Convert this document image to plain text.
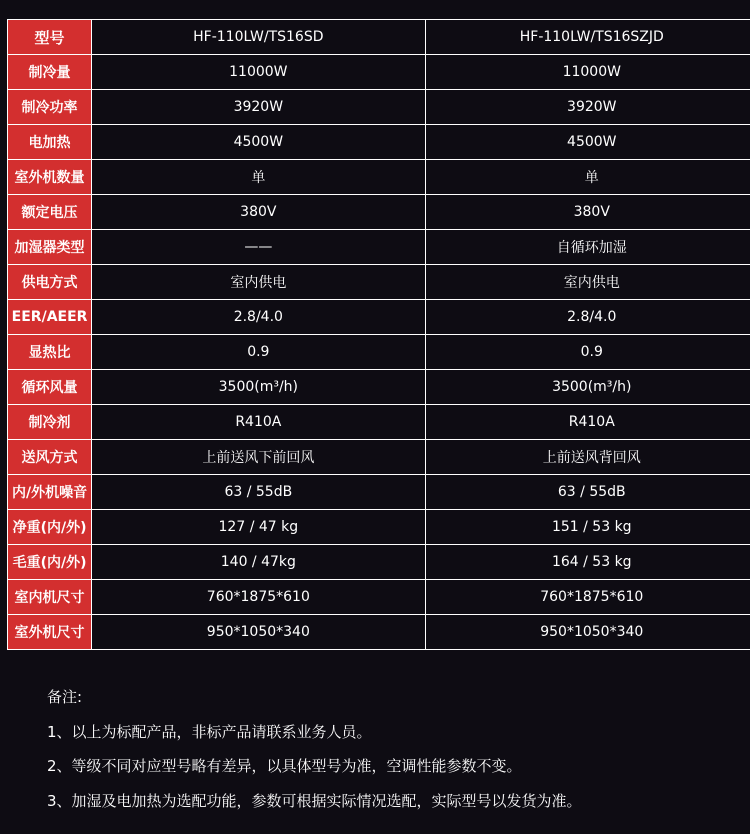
型号	HF-110LW/TS16SD	HF-110LW/TS16SZJD
制冷量	11000W	11000W
制冷功率	3920W	3920W
电加热	4500W	4500W
室外机数量	单	单
额定电压	380V	380V
加湿器类型	——	自循环加湿
供电方式	室内供电	室内供电
EER/AEER	2.8/4.0	2.8/4.0
显热比	0.9	0.9
循环风量	3500(m³/h)	3500(m³/h)
制冷剂	R410A	R410A
送风方式	上前送风下前回风	上前送风背回风
内/外机噪音	63 / 55dB	63 / 55dB
净重(内/外)	127 / 47 kg	151 / 53 kg
毛重(内/外)	140 / 47kg	164 / 53 kg
室内机尺寸	760*1875*610	760*1875*610
室外机尺寸	950*1050*340	950*1050*340
备注:
1、以上为标配产品，非标产品请联系业务人员。
2、等级不同对应型号略有差异，以具体型号为准，空调性能参数不变。
3、加湿及电加热为选配功能，参数可根据实际情况选配，实际型号以发货为准。
